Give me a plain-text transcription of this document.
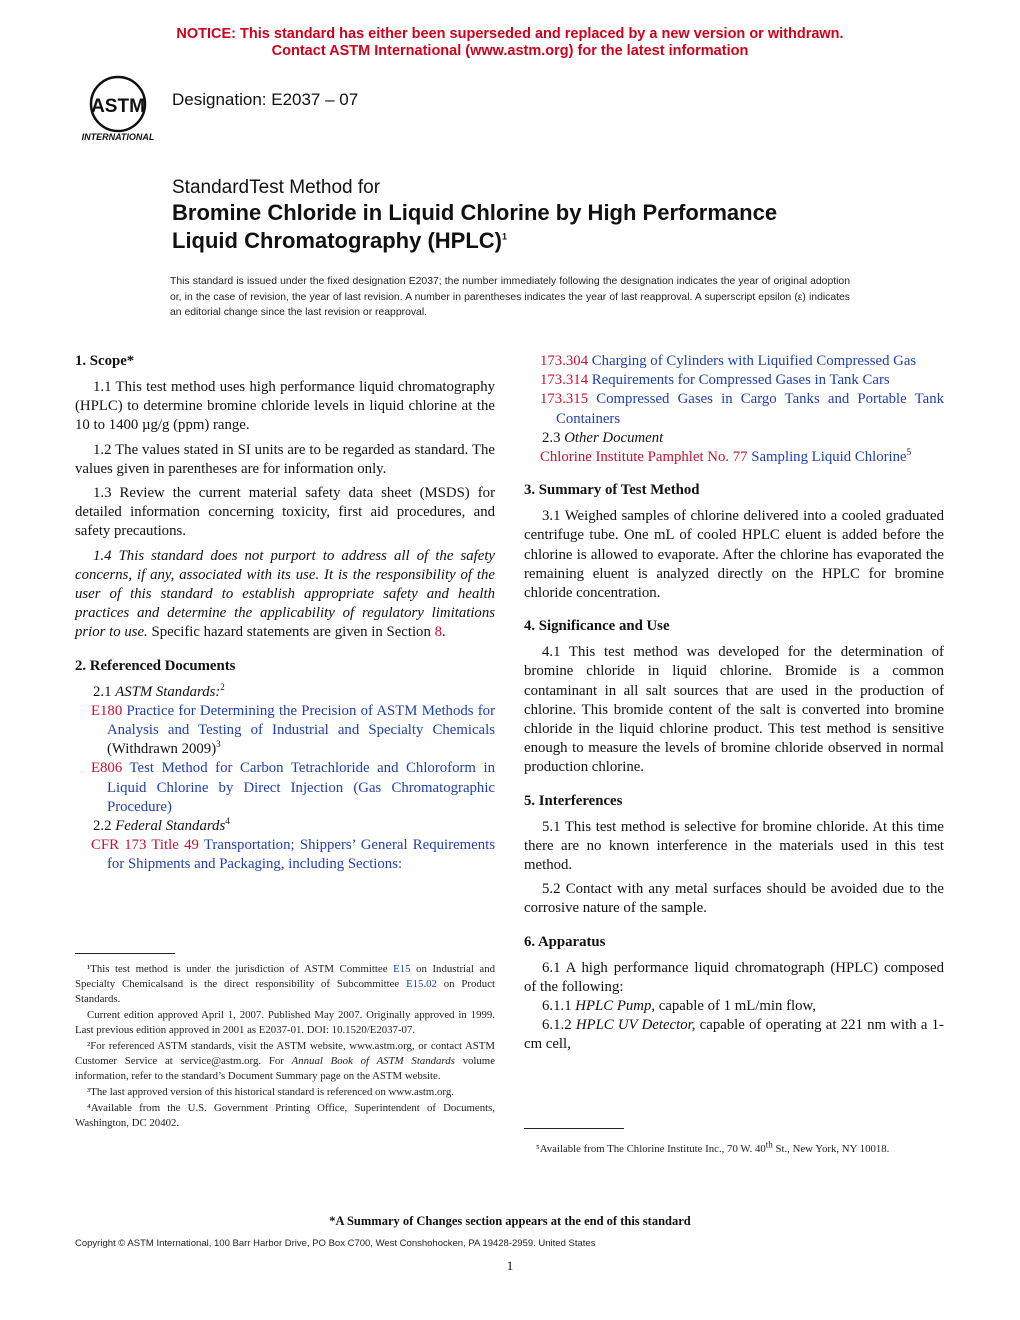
NOTICE: This standard has either been superseded and replaced by a new version or withdrawn.
Contact ASTM International (www.astm.org) for the latest information
ASTM
INTERNATIONAL
Designation: E2037 – 07
StandardTest Method for
Bromine Chloride in Liquid Chlorine by High Performance
Liquid Chromatography (HPLC)$^1$
This standard is issued under the fixed designation E2037; the number immediately following the designation indicates the year of original adoption or, in the case of revision, the year of last revision. A number in parentheses indicates the year of last reapproval. A superscript epsilon (ε) indicates an editorial change since the last revision or reapproval.
1. Scope*

1.1 This test method uses high performance liquid chromatography (HPLC) to determine bromine chloride levels in liquid chlorine at the 10 to 1400 µg/g (ppm) range.

1.2 The values stated in SI units are to be regarded as standard. The values given in parentheses are for information only.

1.3 Review the current material safety data sheet (MSDS) for detailed information concerning toxicity, first aid procedures, and safety precautions.

1.4 This standard does not purport to address all of the safety concerns, if any, associated with its use. It is the responsibility of the user of this standard to establish appropriate safety and health practices and determine the applicability of regulatory limitations prior to use. Specific hazard statements are given in Section 8.

2. Referenced Documents
2.1 ASTM Standards:$^2$
E180 Practice for Determining the Precision of ASTM Methods for Analysis and Testing of Industrial and Specialty Chemicals (Withdrawn 2009)$^3$
E806 Test Method for Carbon Tetrachloride and Chloroform in Liquid Chlorine by Direct Injection (Gas Chromatographic Procedure)
2.2 Federal Standards$^4$
CFR 173 Title 49 Transportation; Shippers’ General Requirements for Shipments and Packaging, including Sections:

¹This test method is under the jurisdiction of ASTM Committee E15 on Industrial and Specialty Chemicalsand is the direct responsibility of Subcommittee E15.02 on Product Standards.

Current edition approved April 1, 2007. Published May 2007. Originally approved in 1999. Last previous edition approved in 2001 as E2037-01. DOI: 10.1520/E2037-07.

²For referenced ASTM standards, visit the ASTM website, www.astm.org, or contact ASTM Customer Service at service@astm.org. For Annual Book of ASTM Standards volume information, refer to the standard’s Document Summary page on the ASTM website.

³The last approved version of this historical standard is referenced on www.astm.org.

⁴Available from the U.S. Government Printing Office, Superintendent of Documents, Washington, DC 20402.

173.304 Charging of Cylinders with Liquified Compressed Gas
173.314 Requirements for Compressed Gases in Tank Cars
173.315 Compressed Gases in Cargo Tanks and Portable Tank Containers
2.3 Other Document
Chlorine Institute Pamphlet No. 77 Sampling Liquid Chlorine$^5$
3. Summary of Test Method

3.1 Weighed samples of chlorine delivered into a cooled graduated centrifuge tube. One mL of cooled HPLC eluent is added before the chlorine is allowed to evaporate. After the chlorine has evaporated the remaining eluent is analyzed directly on the HPLC for bromine chloride concentration.

4. Significance and Use

4.1 This test method was developed for the determination of bromine chloride in liquid chlorine. Bromide is a common contaminant in all salt sources that are used in the production of chlorine. This bromide content of the salt is converted into bromine chloride in the liquid chlorine product. This test method is sensitive enough to measure the levels of bromine chloride observed in normal production chlorine.

5. Interferences

5.1 This test method is selective for bromine chloride. At this time there are no known interference in the materials used in this test method.

5.2 Contact with any metal surfaces should be avoided due to the corrosive nature of the sample.

6. Apparatus

6.1 A high performance liquid chromatograph (HPLC) composed of the following:

6.1.1 HPLC Pump, capable of 1 mL/min flow,

6.1.2 HPLC UV Detector, capable of operating at 221 nm with a 1-cm cell,

⁵Available from The Chlorine Institute Inc., 70 W. 40th St., New York, NY 10018.

*A Summary of Changes section appears at the end of this standard
Copyright © ASTM International, 100 Barr Harbor Drive, PO Box C700, West Conshohocken, PA 19428-2959. United States
1
